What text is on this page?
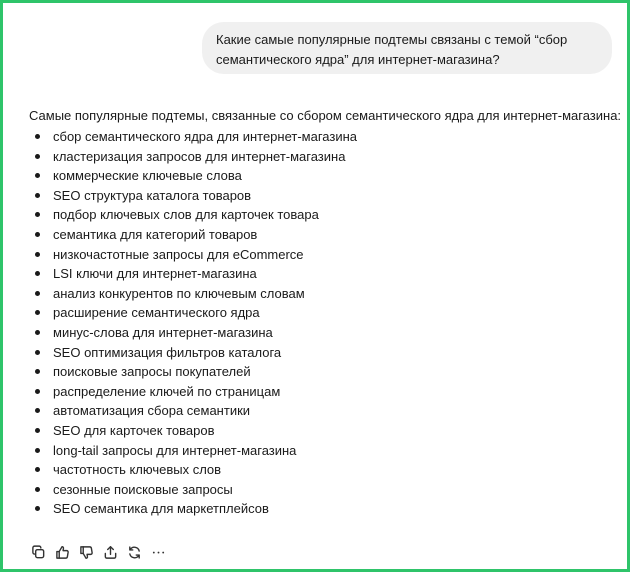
Какие самые популярные подтемы связаны с темой “сбор
семантического ядра” для интернет-магазина?
Самые популярные подтемы, связанные со сбором семантического ядра для интернет-магазина:
сбор семантического ядра для интернет-магазина
кластеризация запросов для интернет-магазина
коммерческие ключевые слова
SEO структура каталога товаров
подбор ключевых слов для карточек товара
семантика для категорий товаров
низкочастотные запросы для eCommerce
LSI ключи для интернет-магазина
анализ конкурентов по ключевым словам
расширение семантического ядра
минус-слова для интернет-магазина
SEO оптимизация фильтров каталога
поисковые запросы покупателей
распределение ключей по страницам
автоматизация сбора семантики
SEO для карточек товаров
long-tail запросы для интернет-магазина
частотность ключевых слов
сезонные поисковые запросы
SEO семантика для маркетплейсов
